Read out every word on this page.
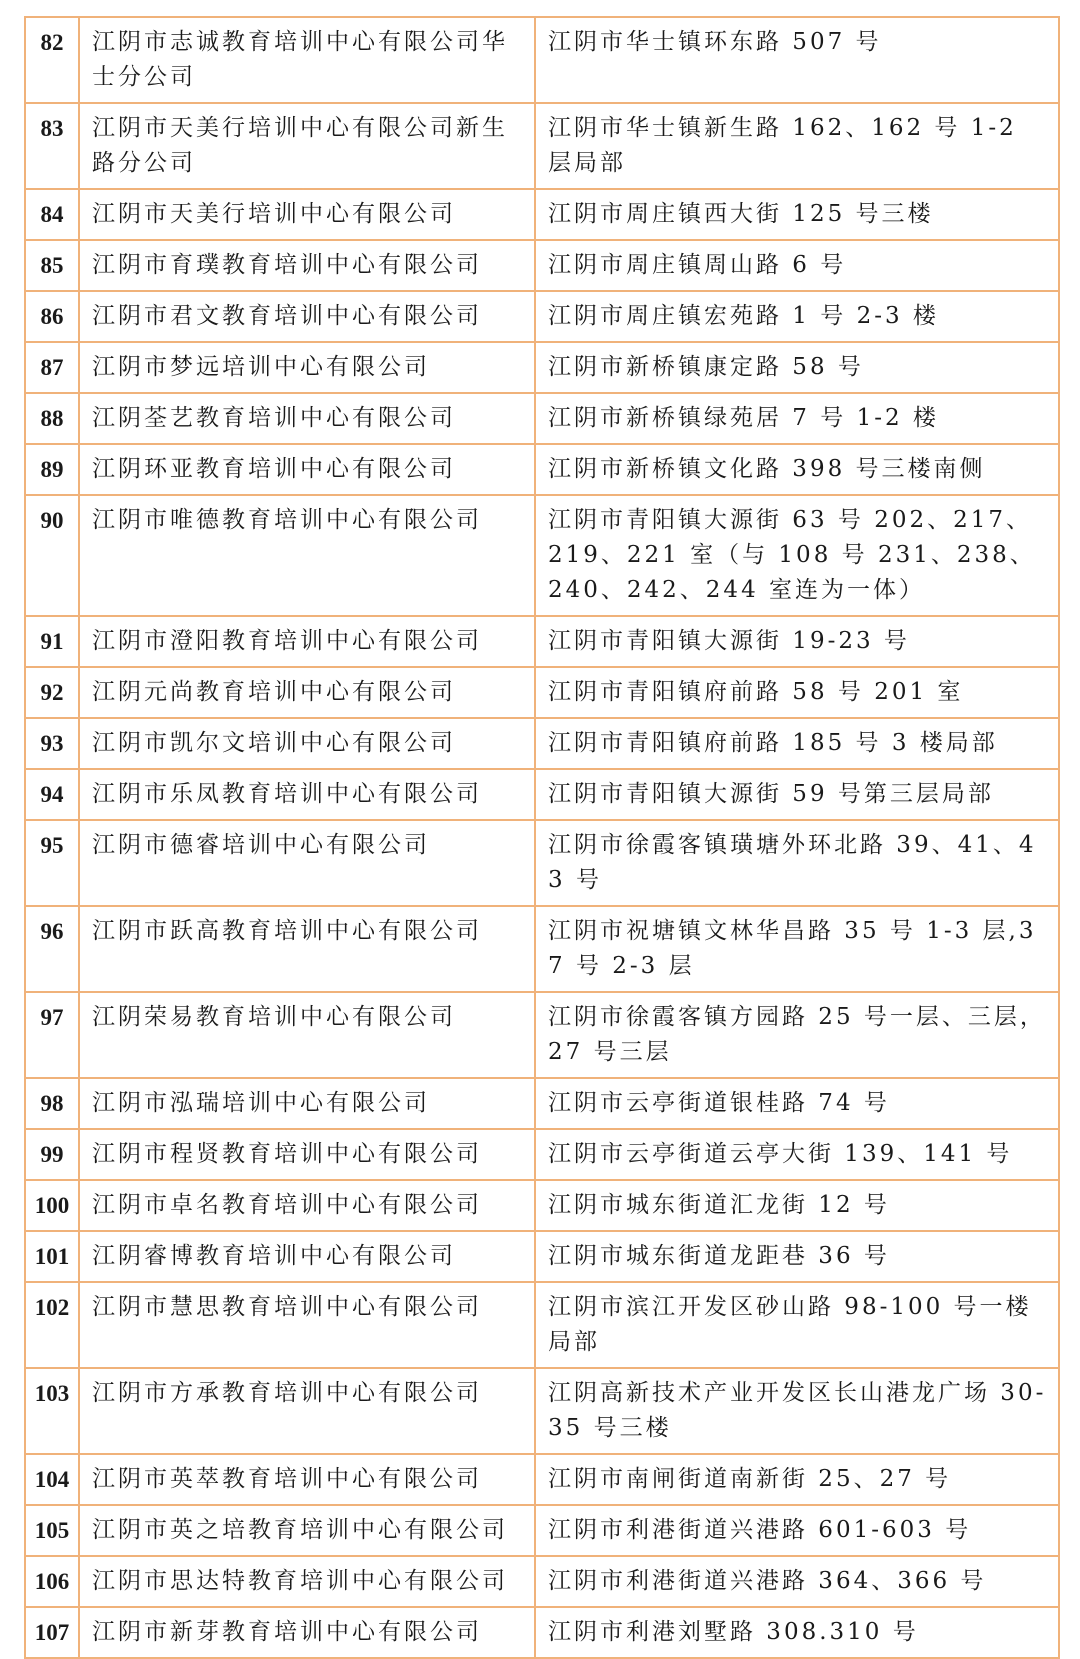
82	江阴市志诚教育培训中心有限公司华士分公司	江阴市华士镇环东路 507 号
83	江阴市天美行培训中心有限公司新生路分公司	江阴市华士镇新生路 162、162 号 1-2 层局部
84	江阴市天美行培训中心有限公司	江阴市周庄镇西大街 125 号三楼
85	江阴市育璞教育培训中心有限公司	江阴市周庄镇周山路 6 号
86	江阴市君文教育培训中心有限公司	江阴市周庄镇宏苑路 1 号 2-3 楼
87	江阴市梦远培训中心有限公司	江阴市新桥镇康定路 58 号
88	江阴荃艺教育培训中心有限公司	江阴市新桥镇绿苑居 7 号 1-2 楼
89	江阴环亚教育培训中心有限公司	江阴市新桥镇文化路 398 号三楼南侧
90	江阴市唯德教育培训中心有限公司	江阴市青阳镇大源街 63 号 202、217、219、221 室（与 108 号 231、238、240、242、244 室连为一体）
91	江阴市澄阳教育培训中心有限公司	江阴市青阳镇大源街 19-23 号
92	江阴元尚教育培训中心有限公司	江阴市青阳镇府前路 58 号 201 室
93	江阴市凯尔文培训中心有限公司	江阴市青阳镇府前路 185 号 3 楼局部
94	江阴市乐凤教育培训中心有限公司	江阴市青阳镇大源街 59 号第三层局部
95	江阴市德睿培训中心有限公司	江阴市徐霞客镇璜塘外环北路 39、41、43 号
96	江阴市跃高教育培训中心有限公司	江阴市祝塘镇文林华昌路 35 号 1-3 层,37 号 2-3 层
97	江阴荣易教育培训中心有限公司	江阴市徐霞客镇方园路 25 号一层、三层，27 号三层
98	江阴市泓瑞培训中心有限公司	江阴市云亭街道银桂路 74 号
99	江阴市程贤教育培训中心有限公司	江阴市云亭街道云亭大街 139、141 号
100	江阴市卓名教育培训中心有限公司	江阴市城东街道汇龙街 12 号
101	江阴睿博教育培训中心有限公司	江阴市城东街道龙距巷 36 号
102	江阴市慧思教育培训中心有限公司	江阴市滨江开发区砂山路 98-100 号一楼局部
103	江阴市方承教育培训中心有限公司	江阴高新技术产业开发区长山港龙广场 30-35 号三楼
104	江阴市英萃教育培训中心有限公司	江阴市南闸街道南新街 25、27 号
105	江阴市英之培教育培训中心有限公司	江阴市利港街道兴港路 601-603 号
106	江阴市思达特教育培训中心有限公司	江阴市利港街道兴港路 364、366 号
107	江阴市新芽教育培训中心有限公司	江阴市利港刘墅路 308.310 号
